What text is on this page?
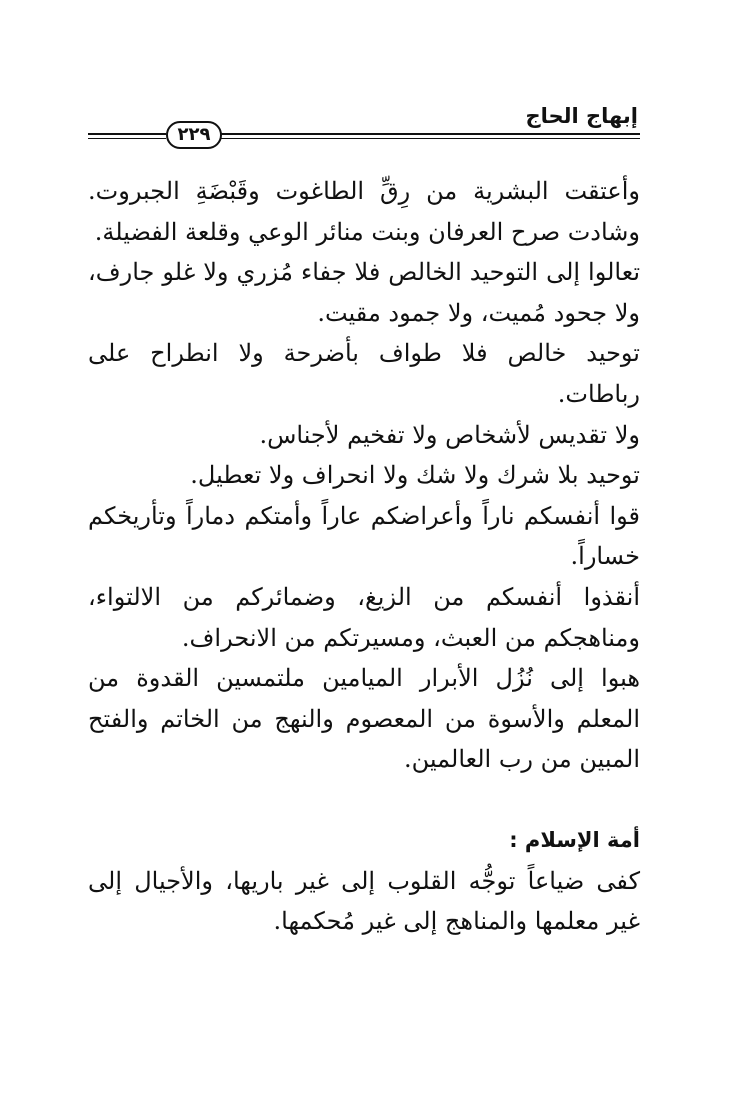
إبهاج الحاج
٢٢٩

وأعتقت البشرية من رِقِّ الطاغوت وقَبْضَةِ الجبروت. وشادت صرح العرفان وبنت منائر الوعي وقلعة الفضيلة.

تعالوا إلى التوحيد الخالص فلا جفاء مُزري ولا غلو جارف، ولا جحود مُميت، ولا جمود مقيت.

توحيد خالص فلا طواف بأضرحة ولا انطراح على رباطات.

ولا تقديس لأشخاص ولا تفخيم لأجناس.

توحيد بلا شرك ولا شك ولا انحراف ولا تعطيل.

قوا أنفسكم ناراً وأعراضكم عاراً وأمتكم دماراً وتأريخكم خساراً.

أنقذوا أنفسكم من الزيغ، وضمائركم من الالتواء، ومناهجكم من العبث، ومسيرتكم من الانحراف.

هبوا إلى نُزُل الأبرار الميامين ملتمسين القدوة من المعلم والأسوة من المعصوم والنهج من الخاتم والفتح المبين من رب العالمين.

أمة الإسلام :

كفى ضياعاً توجُّه القلوب إلى غير باريها، والأجيال إلى غير معلمها والمناهج إلى غير مُحكمها.
